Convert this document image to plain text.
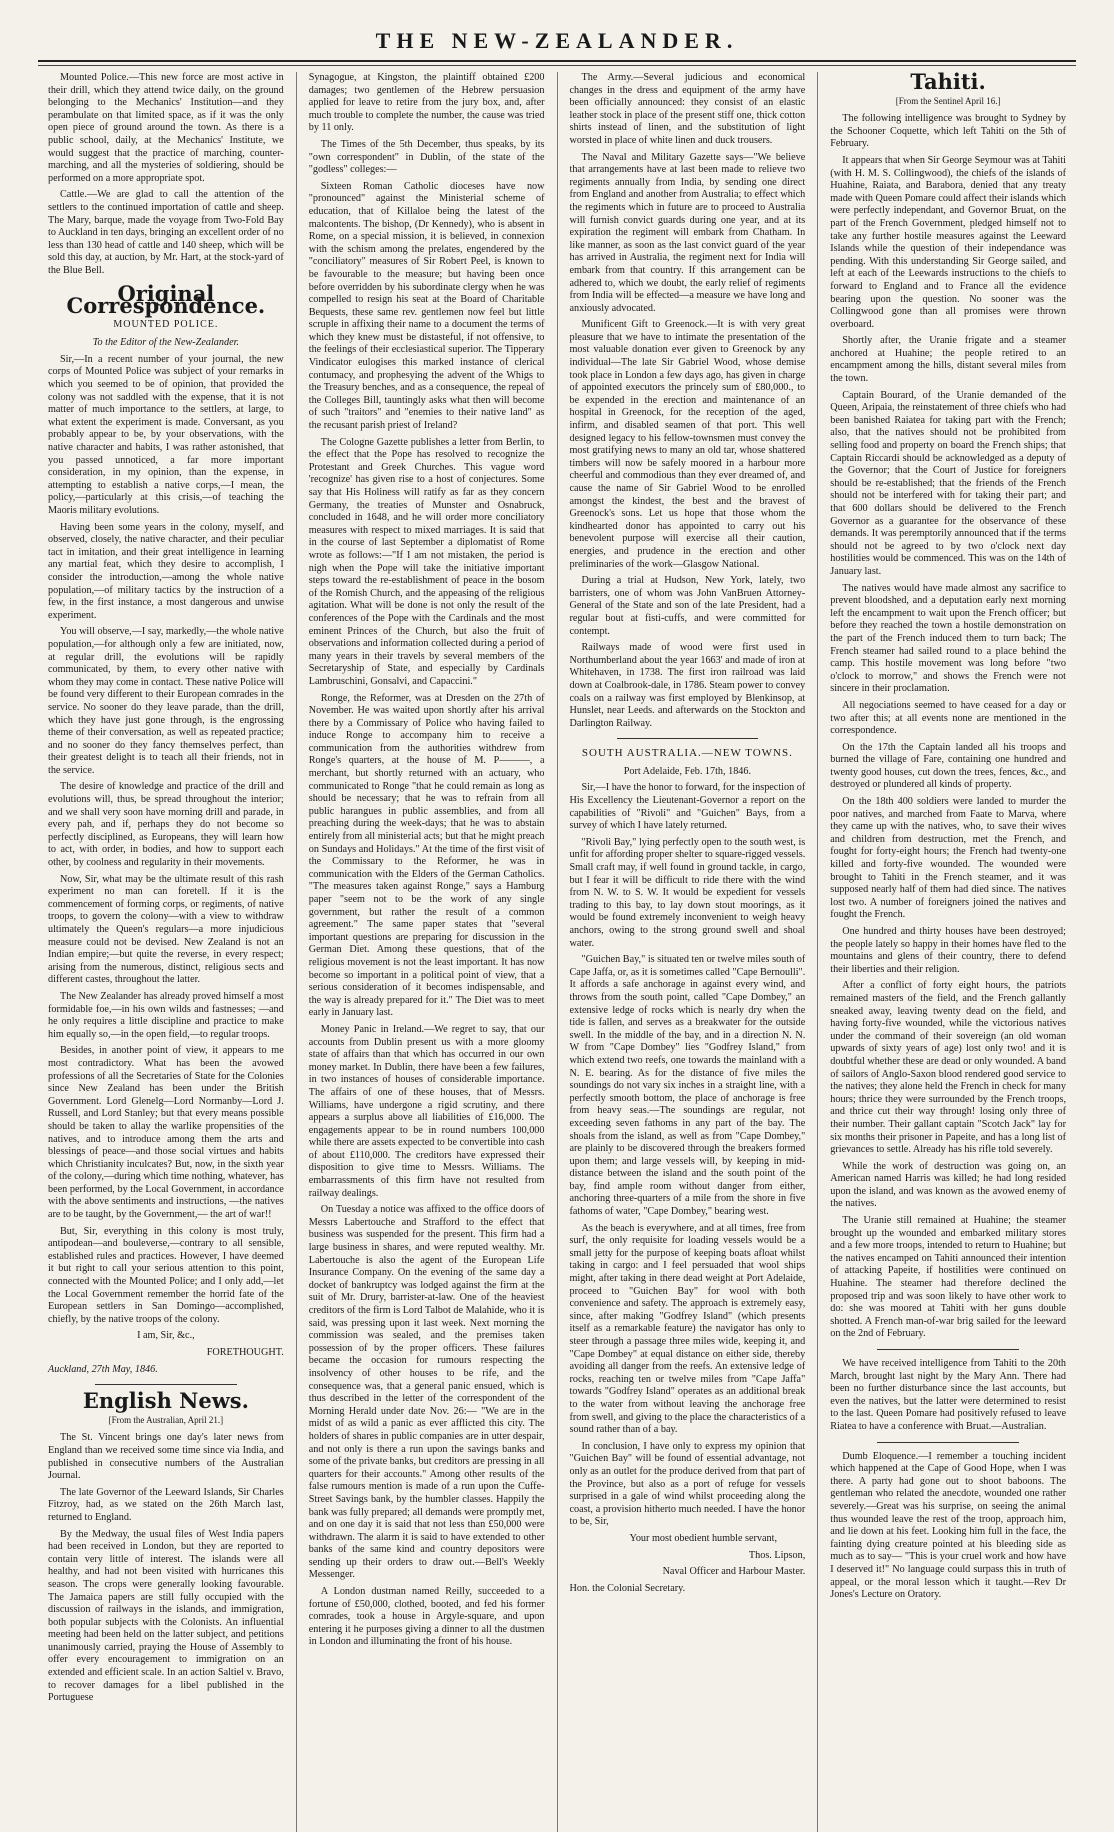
THE NEW-ZEALANDER.

Mounted Police.—This new force are most active in their drill, which they attend twice daily, on the ground belonging to the Mechanics' Institution—and they perambulate on that limited space, as if it was the only open piece of ground around the town. As there is a public school, daily, at the Mechanics' Institute, we would suggest that the practice of marching, counter-marching, and all the mysteries of soldiering, should be performed on a more appropriate spot.

Cattle.—We are glad to call the attention of the settlers to the continued importation of cattle and sheep. The Mary, barque, made the voyage from Two-Fold Bay to Auckland in ten days, bringing an excellent order of no less than 130 head of cattle and 140 sheep, which will be sold this day, at auction, by Mr. Hart, at the stock-yard of the Blue Bell.

Original Correspondence.
MOUNTED POLICE.

To the Editor of the New-Zealander.

Sir,—In a recent number of your journal, the new corps of Mounted Police was subject of your remarks in which you seemed to be of opinion, that provided the colony was not saddled with the expense, that it is not matter of much importance to the settlers, at large, to what extent the experiment is made. Conversant, as you probably appear to be, by your observations, with the native character and habits, I was rather astonished, that you passed unnoticed, a far more important consideration, in my opinion, than the expense, in attempting to establish a native corps,—I mean, the policy,—particularly at this crisis,—of teaching the Maoris military evolutions.

Having been some years in the colony, myself, and observed, closely, the native character, and their peculiar tact in imitation, and their great intelligence in learning any martial feat, which they desire to accomplish, I consider the introduction,—among the whole native population,—of military tactics by the instruction of a few, in the first instance, a most dangerous and unwise experiment.

You will observe,—I say, markedly,—the whole native population,—for although only a few are initiated, now, at regular drill, the evolutions will be rapidly communicated, by them, to every other native with whom they may come in contact. These native Police will be found very different to their European comrades in the service. No sooner do they leave parade, than the drill, which they have just gone through, is the engrossing theme of their conversation, as well as repeated practice; and no sooner do they fancy themselves perfect, than their greatest delight is to teach all their friends, not in the service.

The desire of knowledge and practice of the drill and evolutions will, thus, be spread throughout the interior; and we shall very soon have morning drill and parade, in every pah, and if, perhaps they do not become so perfectly disciplined, as Europeans, they will learn how to act, with order, in bodies, and how to support each other, by coolness and regularity in their movements.

Now, Sir, what may be the ultimate result of this rash experiment no man can foretell. If it is the commencement of forming corps, or regiments, of native troops, to govern the colony—with a view to withdraw ultimately the Queen's regulars—a more injudicious measure could not be devised. New Zealand is not an Indian empire;—but quite the reverse, in every respect; arising from the numerous, distinct, religious sects and different castes, throughout the latter.

The New Zealander has already proved himself a most formidable foe,—in his own wilds and fastnesses; —and he only requires a little discipline and practice to make him equally so,—in the open field,—to regular troops.

Besides, in another point of view, it appears to me most contradictory. What has been the avowed professions of all the Secretaries of State for the Colonies since New Zealand has been under the British Government. Lord Glenelg—Lord Normanby—Lord J. Russell, and Lord Stanley; but that every means possible should be taken to allay the warlike propensities of the natives, and to introduce among them the arts and blessings of peace—and those social virtues and habits which Christianity inculcates? But, now, in the sixth year of the colony,—during which time nothing, whatever, has been performed, by the Local Government, in accordance with the above sentiments and instructions, —the natives are to be taught, by the Government,— the art of war!!

But, Sir, everything in this colony is most truly, antipodean—and bouleverse,—contrary to all sensible, established rules and practices. However, I have deemed it but right to call your serious attention to this point, connected with the Mounted Police; and I only add,—let the Local Government remember the horrid fate of the European settlers in San Domingo—accomplished, chiefly, by the native troops of the colony.

I am, Sir, &c.,

FORETHOUGHT.

Auckland, 27th May, 1846.

English News.
[From the Australian, April 21.]

The St. Vincent brings one day's later news from England than we received some time since via India, and published in consecutive numbers of the Australian Journal.

The late Governor of the Leeward Islands, Sir Charles Fitzroy, had, as we stated on the 26th March last, returned to England.

By the Medway, the usual files of West India papers had been received in London, but they are reported to contain very little of interest. The islands were all healthy, and had not been visited with hurricanes this season. The crops were generally looking favourable. The Jamaica papers are still fully occupied with the discussion of railways in the islands, and immigration, both popular subjects with the Colonists. An influential meeting had been held on the latter subject, and petitions unanimously carried, praying the House of Assembly to offer every encouragement to immigration on an extended and efficient scale. In an action Saltiel v. Bravo, to recover damages for a libel published in the Portuguese

Synagogue, at Kingston, the plaintiff obtained £200 damages; two gentlemen of the Hebrew persuasion applied for leave to retire from the jury box, and, after much trouble to complete the number, the cause was tried by 11 only.

The Times of the 5th December, thus speaks, by its "own correspondent" in Dublin, of the state of the "godless" colleges:—

Sixteen Roman Catholic dioceses have now "pronounced" against the Ministerial scheme of education, that of Killaloe being the latest of the malcontents. The bishop, (Dr Kennedy), who is absent in Rome, on a special mission, it is believed, in connexion with the schism among the prelates, engendered by the "conciliatory" measures of Sir Robert Peel, is known to be favourable to the measure; but having been once before overridden by his subordinate clergy when he was compelled to resign his seat at the Board of Charitable Bequests, these same rev. gentlemen now feel but little scruple in affixing their name to a document the terms of which they knew must be distasteful, if not offensive, to the feelings of their ecclesiastical superior. The Tipperary Vindicator eulogises this marked instance of clerical contumacy, and prophesying the advent of the Whigs to the Treasury benches, and as a consequence, the repeal of the Colleges Bill, tauntingly asks what then will become of such "traitors" and "enemies to their native land" as the recusant parish priest of Ireland?

The Cologne Gazette publishes a letter from Berlin, to the effect that the Pope has resolved to recognize the Protestant and Greek Churches. This vague word 'recognize' has given rise to a host of conjectures. Some say that His Holiness will ratify as far as they concern Germany, the treaties of Munster and Osnabruck, concluded in 1648, and he will order more conciliatory measures with respect to mixed marriages. It is said that in the course of last September a diplomatist of Rome wrote as follows:—"If I am not mistaken, the period is nigh when the Pope will take the initiative important steps toward the re-establishment of peace in the bosom of the Romish Church, and the appeasing of the religious agitation. What will be done is not only the result of the conferences of the Pope with the Cardinals and the most eminent Princes of the Church, but also the fruit of observations and information collected during a period of many years in their travels by several members of the Secretaryship of State, and especially by Cardinals Lambruschini, Gonsalvi, and Capaccini."

Ronge, the Reformer, was at Dresden on the 27th of November. He was waited upon shortly after his arrival there by a Commissary of Police who having failed to induce Ronge to accompany him to receive a communication from the authorities withdrew from Ronge's quarters, at the house of M. P———, a merchant, but shortly returned with an actuary, who communicated to Ronge "that he could remain as long as should be necessary; that he was to refrain from all public harangues in public assemblies, and from all preaching during the week-days; that he was to abstain entirely from all ministerial acts; but that he might preach on Sundays and Holidays." At the time of the first visit of the Commissary to the Reformer, he was in communication with the Elders of the German Catholics. "The measures taken against Ronge," says a Hamburg paper "seem not to be the work of any single government, but rather the result of a common agreement." The same paper states that "several important questions are preparing for discussion in the German Diet. Among these questions, that of the religious movement is not the least important. It has now become so important in a political point of view, that a serious consideration of it becomes indispensable, and the way is already prepared for it." The Diet was to meet early in January last.

Money Panic in Ireland.—We regret to say, that our accounts from Dublin present us with a more gloomy state of affairs than that which has occurred in our own money market. In Dublin, there have been a few failures, in two instances of houses of considerable importance. The affairs of one of these houses, that of Messrs. Williams, have undergone a rigid scrutiny, and there appears a surplus above all liabilities of £16,000. The engagements appear to be in round numbers 100,000 while there are assets expected to be convertible into cash of about £110,000. The creditors have expressed their disposition to give time to Messrs. Williams. The embarrassments of this firm have not resulted from railway dealings.

On Tuesday a notice was affixed to the office doors of Messrs Labertouche and Strafford to the effect that business was suspended for the present. This firm had a large business in shares, and were reputed wealthy. Mr. Labertouche is also the agent of the European Life Insurance Company. On the evening of the same day a docket of bankruptcy was lodged against the firm at the suit of Mr. Drury, barrister-at-law. One of the heaviest creditors of the firm is Lord Talbot de Malahide, who it is said, was pressing upon it last week. Next morning the commission was sealed, and the premises taken possession of by the proper officers. These failures became the occasion for rumours respecting the insolvency of other houses to be rife, and the consequence was, that a general panic ensued, which is thus described in the letter of the correspondent of the Morning Herald under date Nov. 26:— "We are in the midst of as wild a panic as ever afflicted this city. The holders of shares in public companies are in utter despair, and not only is there a run upon the savings banks and some of the private banks, but creditors are pressing in all quarters for their accounts." Among other results of the false rumours mention is made of a run upon the Cuffe-Street Savings bank, by the humbler classes. Happily the bank was fully prepared; all demands were promptly met, and on one day it is said that not less than £50,000 were withdrawn. The alarm it is said to have extended to other banks of the same kind and country depositors were sending up their orders to draw out.—Bell's Weekly Messenger.

A London dustman named Reilly, succeeded to a fortune of £50,000, clothed, booted, and fed his former comrades, took a house in Argyle-square, and upon entering it he purposes giving a dinner to all the dustmen in London and illuminating the front of his house.

The Army.—Several judicious and economical changes in the dress and equipment of the army have been officially announced: they consist of an elastic leather stock in place of the present stiff one, thick cotton shirts instead of linen, and the substitution of light worsted in place of white linen and duck trousers.

The Naval and Military Gazette says—"We believe that arrangements have at last been made to relieve two regiments annually from India, by sending one direct from England and another from Australia; to effect which the regiments which in future are to proceed to Australia will furnish convict guards during one year, and at its expiration the regiment will embark from Chatham. In like manner, as soon as the last convict guard of the year has arrived in Australia, the regiment next for India will embark from that country. If this arrangement can be adhered to, which we doubt, the early relief of regiments from India will be effected—a measure we have long and anxiously advocated.

Munificent Gift to Greenock.—It is with very great pleasure that we have to intimate the presentation of the most valuable donation ever given to Greenock by any individual—The late Sir Gabriel Wood, whose demise took place in London a few days ago, has given in charge of appointed executors the princely sum of £80,000., to be expended in the erection and maintenance of an hospital in Greenock, for the reception of the aged, infirm, and disabled seamen of that port. This well designed legacy to his fellow-townsmen must convey the most gratifying news to many an old tar, whose shattered timbers will now be safely moored in a harbour more cheerful and commodious than they ever dreamed of, and cause the name of Sir Gabriel Wood to be enrolled amongst the kindest, the best and the bravest of Greenock's sons. Let us hope that those whom the kindhearted donor has appointed to carry out his benevolent purpose will exercise all their caution, energies, and prudence in the erection and other preliminaries of the work—Glasgow National.

During a trial at Hudson, New York, lately, two barristers, one of whom was John VanBruen Attorney-General of the State and son of the late President, had a regular bout at fisti-cuffs, and were committed for contempt.

Railways made of wood were first used in Northumberland about the year 1663' and made of iron at Whitehaven, in 1738. The first iron railroad was laid down at Coalbrook-dale, in 1786. Steam power to convey coals on a railway was first employed by Blenkinsop, at Hunslet, near Leeds. and afterwards on the Stockton and Darlington Railway.

SOUTH AUSTRALIA.—NEW TOWNS.

Port Adelaide, Feb. 17th, 1846.

Sir,—I have the honor to forward, for the inspection of His Excellency the Lieutenant-Governor a report on the capabilities of "Rivoli" and "Guichen" Bays, from a survey of which I have lately returned.

"Rivoli Bay," lying perfectly open to the south west, is unfit for affording proper shelter to square-rigged vessels. Small craft may, if well found in ground tackle, in cargo, but I fear it will be difficult to ride there with the wind from N. W. to S. W. It would be expedient for vessels trading to this bay, to lay down stout moorings, as it would be found extremely inconvenient to weigh heavy anchors, owing to the strong ground swell and shoal water.

"Guichen Bay," is situated ten or twelve miles south of Cape Jaffa, or, as it is sometimes called "Cape Bernoulli". It affords a safe anchorage in against every wind, and throws from the south point, called "Cape Dombey," an extensive ledge of rocks which is nearly dry when the tide is fallen, and serves as a breakwater for the outside swell. In the middle of the bay, and in a direction N. N. W from "Cape Dombey" lies "Godfrey Island," from which extend two reefs, one towards the mainland with a N. E. bearing. As for the distance of five miles the soundings do not vary six inches in a straight line, with a perfectly smooth bottom, the place of anchorage is free from heavy seas.—The soundings are regular, not exceeding seven fathoms in any part of the bay. The shoals from the island, as well as from "Cape Dombey," are plainly to be discovered through the breakers formed upon them; and large vessels will, by keeping in mid-distance between the island and the south point of the bay, find ample room without danger from either, anchoring three-quarters of a mile from the shore in five fathoms of water, "Cape Dombey," bearing west.

As the beach is everywhere, and at all times, free from surf, the only requisite for loading vessels would be a small jetty for the purpose of keeping boats afloat whilst taking in cargo: and I feel persuaded that wool ships might, after taking in there dead weight at Port Adelaide, proceed to "Guichen Bay" for wool with both convenience and safety. The approach is extremely easy, since, after making "Godfrey Island" (which presents itself as a remarkable feature) the navigator has only to steer through a passage three miles wide, keeping it, and "Cape Dombey" at equal distance on either side, thereby avoiding all danger from the reefs. An extensive ledge of rocks, reaching ten or twelve miles from "Cape Jaffa" towards "Godfrey Island" operates as an additional break to the water from without leaving the anchorage free from swell, and giving to the place the characteristics of a sound rather than of a bay.

In conclusion, I have only to express my opinion that "Guichen Bay" will be found of essential advantage, not only as an outlet for the produce derived from that part of the Province, but also as a port of refuge for vessels surprised in a gale of wind whilst proceeding along the coast, a provision hitherto much needed. I have the honor to be, Sir,

Your most obedient humble servant,

Thos. Lipson,

Naval Officer and Harbour Master.

Hon. the Colonial Secretary.

Tahiti.
[From the Sentinel April 16.]

The following intelligence was brought to Sydney by the Schooner Coquette, which left Tahiti on the 5th of February.

It appears that when Sir George Seymour was at Tahiti (with H. M. S. Collingwood), the chiefs of the islands of Huahine, Raiata, and Barabora, denied that any treaty made with Queen Pomare could affect their islands which were perfectly independant, and Governor Bruat, on the part of the French Government, pledged himself not to take any further hostile measures against the Leeward Islands while the question of their independance was pending. With this understanding Sir George sailed, and left at each of the Leewards instructions to the chiefs to forward to England and to France all the evidence bearing upon the question. No sooner was the Collingwood gone than all promises were thrown overboard.

Shortly after, the Uranie frigate and a steamer anchored at Huahine; the people retired to an encampment among the hills, distant several miles from the town.

Captain Bourard, of the Uranie demanded of the Queen, Aripaia, the reinstatement of three chiefs who had been banished Raiatea for taking part with the French; also, that the natives should not be prohibited from selling food and property on board the French ships; that Captain Riccardi should be acknowledged as a deputy of the Governor; that the Court of Justice for foreigners should be re-established; that the friends of the French should not be interfered with for taking their part; and that 600 dollars should be delivered to the French Governor as a guarantee for the observance of these demands. It was peremptorily announced that if the terms should not be agreed to by two o'clock next day hostilities would be commenced. This was on the 14th of January last.

The natives would have made almost any sacrifice to prevent bloodshed, and a deputation early next morning left the encampment to wait upon the French officer; but before they reached the town a hostile demonstration on the part of the French induced them to turn back; The French steamer had sailed round to a place behind the camp. This hostile movement was long before "two o'clock to morrow," and shows the French were not sincere in their proclamation.

All negociations seemed to have ceased for a day or two after this; at all events none are mentioned in the correspondence.

On the 17th the Captain landed all his troops and burned the village of Fare, containing one hundred and twenty good houses, cut down the trees, fences, &c., and destroyed or plundered all kinds of property.

On the 18th 400 soldiers were landed to murder the poor natives, and marched from Faate to Marva, where they came up with the natives, who, to save their wives and children from destruction, met the French, and fought for forty-eight hours; the French had twenty-one killed and forty-five wounded. The wounded were brought to Tahiti in the French steamer, and it was supposed nearly half of them had died since. The natives lost two. A number of foreigners joined the natives and fought the French.

One hundred and thirty houses have been destroyed; the people lately so happy in their homes have fled to the mountains and glens of their country, there to defend their liberties and their religion.

After a conflict of forty eight hours, the patriots remained masters of the field, and the French gallantly sneaked away, leaving twenty dead on the field, and having forty-five wounded, while the victorious natives under the command of their sovereign (an old woman upwards of sixty years of age) lost only two! and it is doubtful whether these are dead or only wounded. A band of sailors of Anglo-Saxon blood rendered good service to the natives; they alone held the French in check for many hours; thrice they were surrounded by the French troops, and thrice cut their way through! losing only three of their number. Their gallant captain "Scotch Jack" lay for six months their prisoner in Papeite, and has a long list of grievances to settle. Already has his rifle told severely.

While the work of destruction was going on, an American named Harris was killed; he had long resided upon the island, and was known as the avowed enemy of the natives.

The Uranie still remained at Huahine; the steamer brought up the wounded and embarked military stores and a few more troops, intended to return to Huahine; but the natives encamped on Tahiti announced their intention of attacking Papeite, if hostilities were continued on Huahine. The steamer had therefore declined the proposed trip and was soon likely to have other work to do: she was moored at Tahiti with her guns double shotted. A French man-of-war brig sailed for the leeward on the 2nd of February.

We have received intelligence from Tahiti to the 20th March, brought last night by the Mary Ann. There had been no further disturbance since the last accounts, but even the natives, but the latter were determined to resist to the last. Queen Pomare had positively refused to leave Riatea to have a conference with Bruat.—Australian.

Dumb Eloquence.—I remember a touching incident which happened at the Cape of Good Hope, when I was there. A party had gone out to shoot baboons. The gentleman who related the anecdote, wounded one rather severely.—Great was his surprise, on seeing the animal thus wounded leave the rest of the troop, approach him, and lie down at his feet. Looking him full in the face, the fainting dying creature pointed at his bleeding side as much as to say— "This is your cruel work and how have I deserved it!" No language could surpass this in truth of appeal, or the moral lesson which it taught.—Rev Dr Jones's Lecture on Oratory.
